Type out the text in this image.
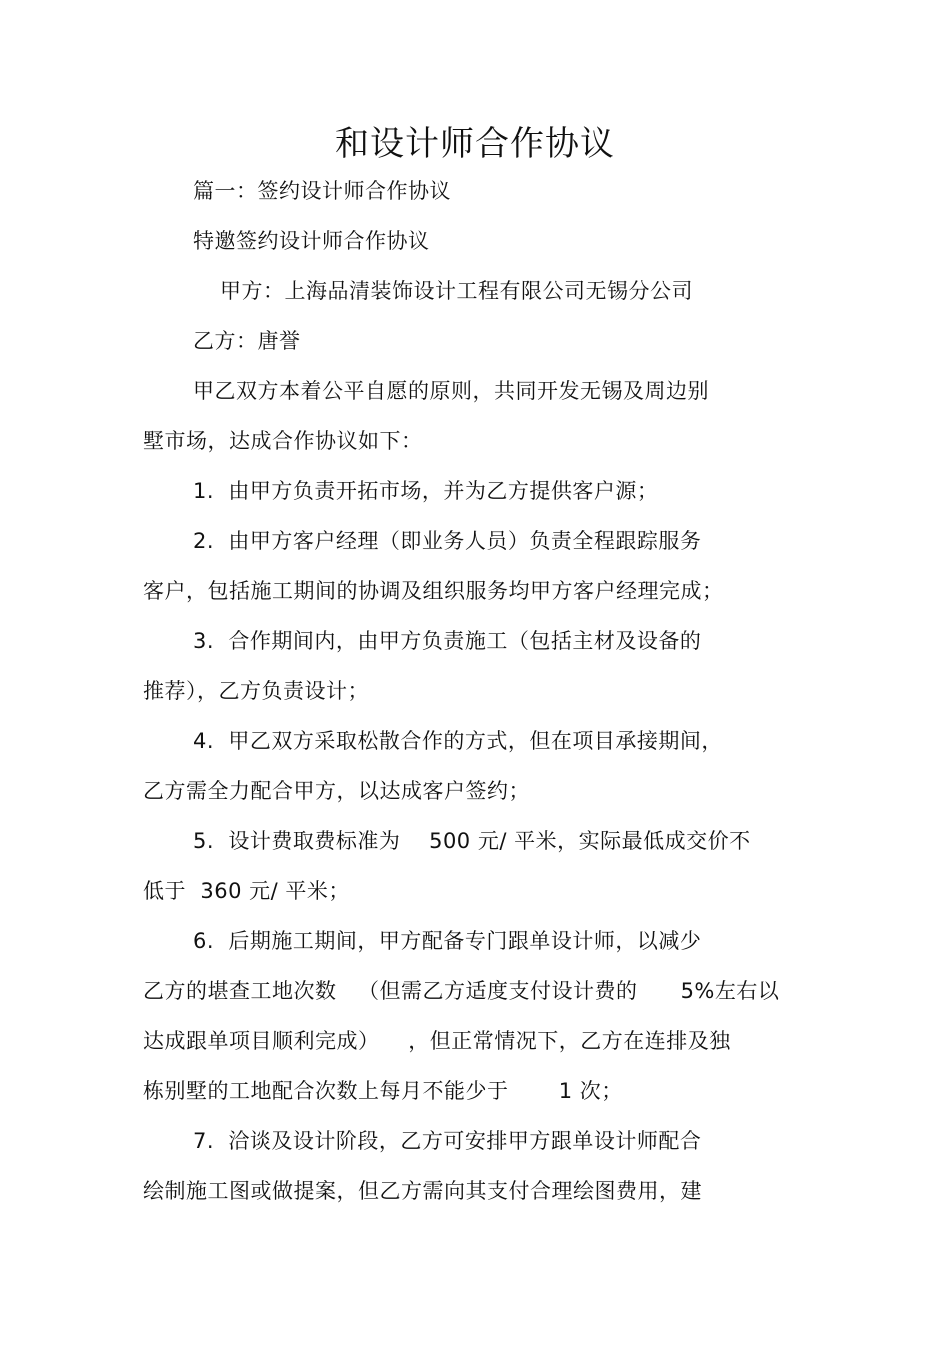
和设计师合作协议
篇一：签约设计师合作协议
特邀签约设计师合作协议
甲方：上海品清装饰设计工程有限公司无锡分公司
乙方：唐誉
甲乙双方本着公平自愿的原则，共同开发无锡及周边别
墅市场，达成合作协议如下：
1.  由甲方负责开拓市场，并为乙方提供客户源；
2.  由甲方客户经理（即业务人员）负责全程跟踪服务
客户，包括施工期间的协调及组织服务均甲方客户经理完成；
3.  合作期间内，由甲方负责施工（包括主材及设备的
推荐），乙方负责设计；
4.  甲乙双方采取松散合作的方式，但在项目承接期间，
乙方需全力配合甲方，以达成客户签约；
5.  设计费取费标准为    500 元/ 平米，实际最低成交价不
低于  360 元/ 平米；
6.  后期施工期间，甲方配备专门跟单设计师，以减少
乙方的堪查工地次数   （但需乙方适度支付设计费的      5%左右以
达成跟单项目顺利完成）    ，但正常情况下，乙方在连排及独
栋别墅的工地配合次数上每月不能少于       1 次；
7.  洽谈及设计阶段，乙方可安排甲方跟单设计师配合
绘制施工图或做提案，但乙方需向其支付合理绘图费用，建
